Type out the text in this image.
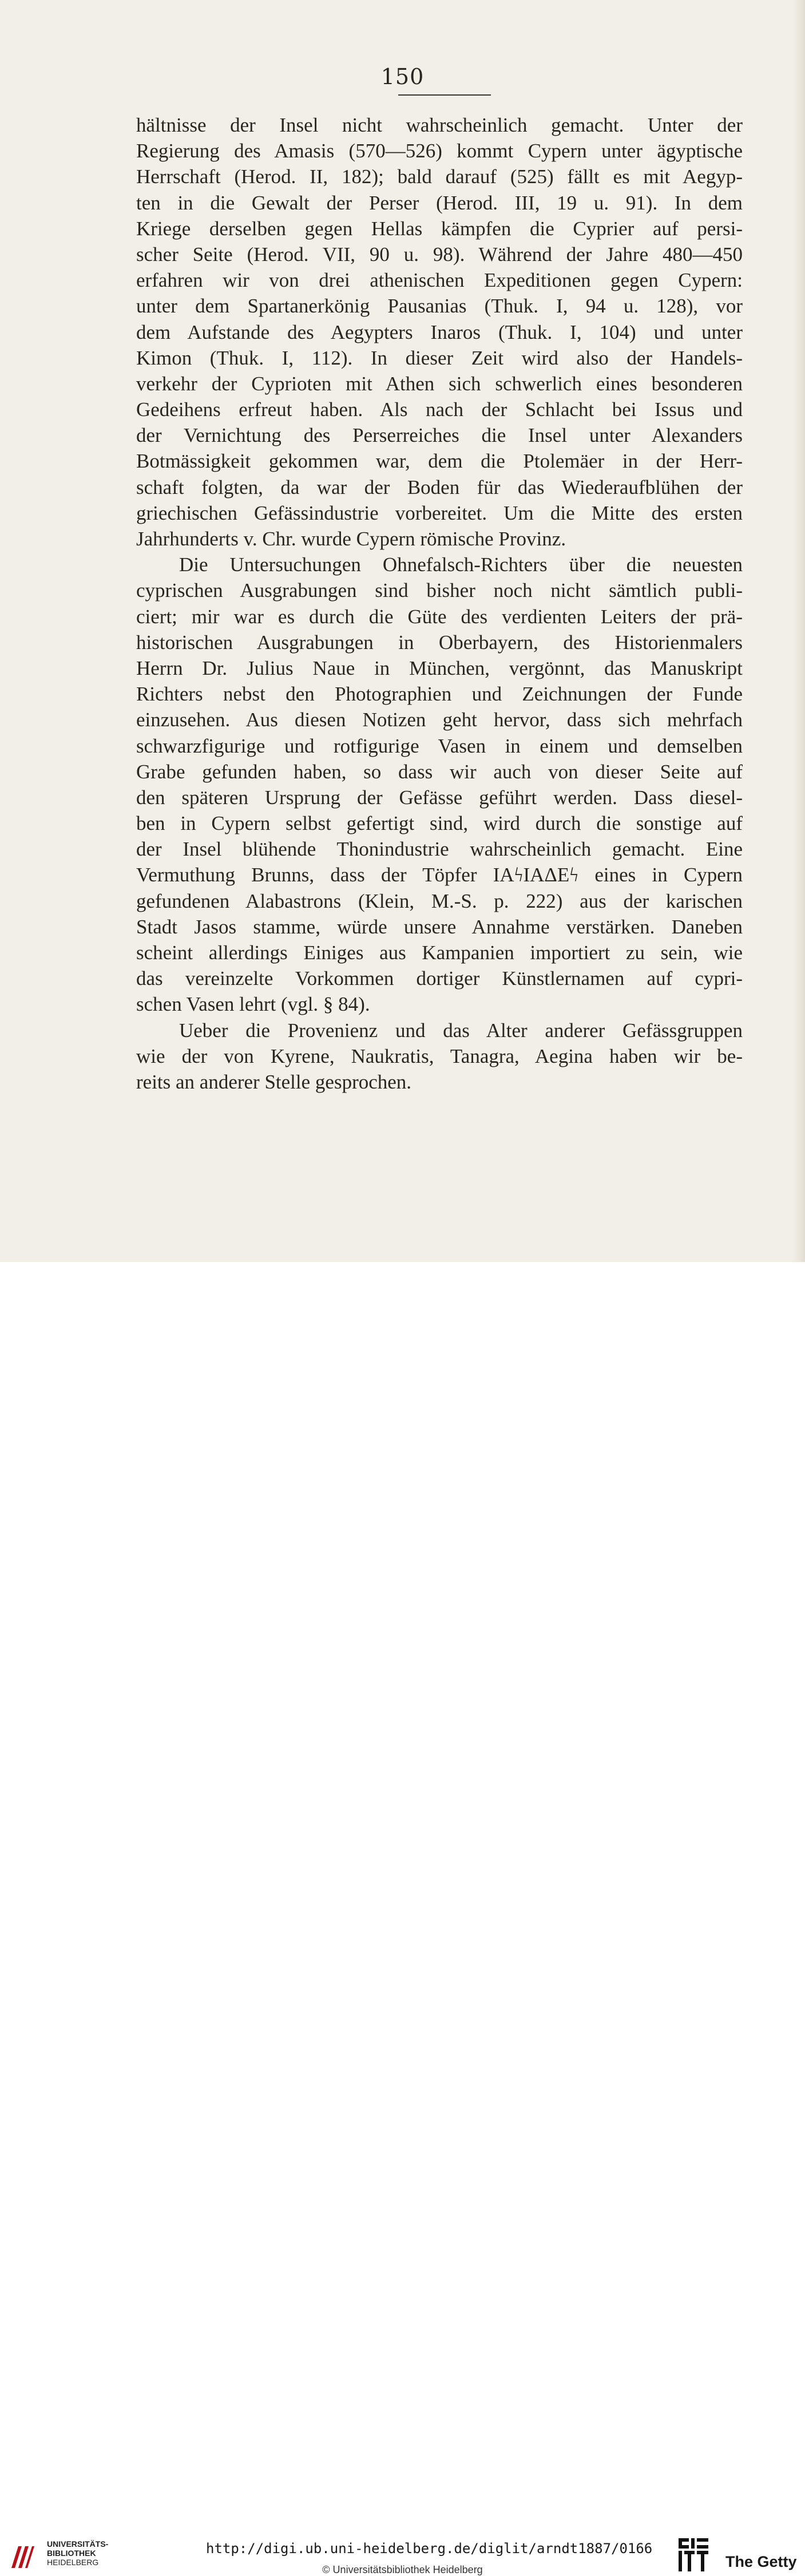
150
hältnisse der Insel nicht wahrscheinlich gemacht. Unter der
Regierung des Amasis (570—526) kommt Cypern unter ägyptische
Herrschaft (Herod. II, 182); bald darauf (525) fällt es mit Aegyp-
ten in die Gewalt der Perser (Herod. III, 19 u. 91). In dem
Kriege derselben gegen Hellas kämpfen die Cyprier auf persi-
scher Seite (Herod. VII, 90 u. 98). Während der Jahre 480—450
erfahren wir von drei athenischen Expeditionen gegen Cypern:
unter dem Spartanerkönig Pausanias (Thuk. I, 94 u. 128), vor
dem Aufstande des Aegypters Inaros (Thuk. I, 104) und unter
Kimon (Thuk. I, 112). In dieser Zeit wird also der Handels-
verkehr der Cyprioten mit Athen sich schwerlich eines besonderen
Gedeihens erfreut haben. Als nach der Schlacht bei Issus und
der Vernichtung des Perserreiches die Insel unter Alexanders
Botmässigkeit gekommen war, dem die Ptolemäer in der Herr-
schaft folgten, da war der Boden für das Wiederaufblühen der
griechischen Gefässindustrie vorbereitet. Um die Mitte des ersten
Jahrhunderts v. Chr. wurde Cypern römische Provinz.
Die Untersuchungen Ohnefalsch-Richters über die neuesten
cyprischen Ausgrabungen sind bisher noch nicht sämtlich publi-
ciert; mir war es durch die Güte des verdienten Leiters der prä-
historischen Ausgrabungen in Oberbayern, des Historienmalers
Herrn Dr. Julius Naue in München, vergönnt, das Manuskript
Richters nebst den Photographien und Zeichnungen der Funde
einzusehen. Aus diesen Notizen geht hervor, dass sich mehrfach
schwarzfigurige und rotfigurige Vasen in einem und demselben
Grabe gefunden haben, so dass wir auch von dieser Seite auf
den späteren Ursprung der Gefässe geführt werden. Dass diesel-
ben in Cypern selbst gefertigt sind, wird durch die sonstige auf
der Insel blühende Thonindustrie wahrscheinlich gemacht. Eine
Vermuthung Brunns, dass der Töpfer ΙΑϟΙΑΔΕϟ eines in Cypern
gefundenen Alabastrons (Klein, M.-S. p. 222) aus der karischen
Stadt Jasos stamme, würde unsere Annahme verstärken. Daneben
scheint allerdings Einiges aus Kampanien importiert zu sein, wie
das vereinzelte Vorkommen dortiger Künstlernamen auf cypri-
schen Vasen lehrt (vgl. § 84).
Ueber die Provenienz und das Alter anderer Gefässgruppen
wie der von Kyrene, Naukratis, Tanagra, Aegina haben wir be-
reits an anderer Stelle gesprochen.
UNIVERSITÄTS-
BIBLIOTHEK
HEIDELBERG
http://digi.ub.uni-heidelberg.de/diglit/arndt1887/0166
© Universitätsbibliothek Heidelberg	The Getty
